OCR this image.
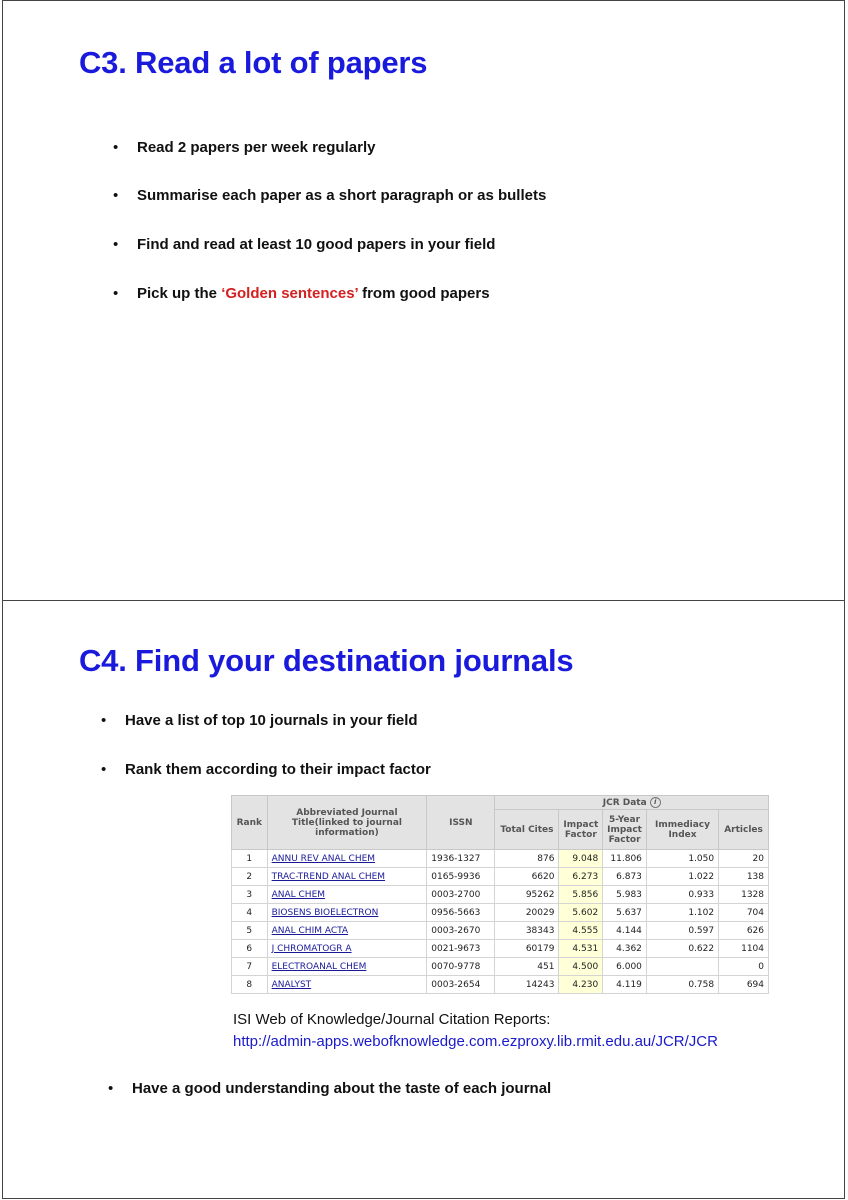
C3. Read a lot of papers
• Read 2 papers per week regularly
• Summarise each paper as a short paragraph or as bullets
• Find and read at least 10 good papers in your field
• Pick up the ‘Golden sentences’ from good papers
C4. Find your destination journals
• Have a list of top 10 journals in your field
• Rank them according to their impact factor
Rank	Abbreviated Journal Title(linked to journal information)	ISSN	JCR Data i				
			Total Cites	Impact Factor	5-Year Impact Factor	Immediacy Index	Articles
1	ANNU REV ANAL CHEM	1936-1327	876	9.048	11.806	1.050	20
2	TRAC-TREND ANAL CHEM	0165-9936	6620	6.273	6.873	1.022	138
3	ANAL CHEM	0003-2700	95262	5.856	5.983	0.933	1328
4	BIOSENS BIOELECTRON	0956-5663	20029	5.602	5.637	1.102	704
5	ANAL CHIM ACTA	0003-2670	38343	4.555	4.144	0.597	626
6	J CHROMATOGR A	0021-9673	60179	4.531	4.362	0.622	1104
7	ELECTROANAL CHEM	0070-9778	451	4.500	6.000		0
8	ANALYST	0003-2654	14243	4.230	4.119	0.758	694
ISI Web of Knowledge/Journal Citation Reports:
http://admin-apps.webofknowledge.com.ezproxy.lib.rmit.edu.au/JCR/JCR
• Have a good understanding about the taste of each journal
